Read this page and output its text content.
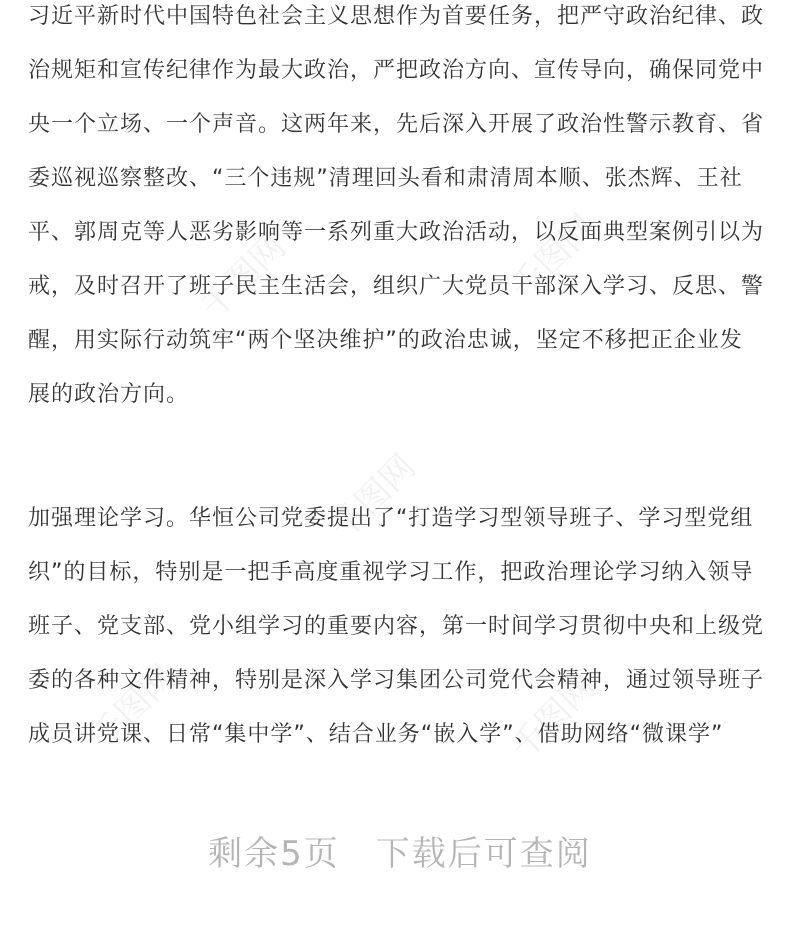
千图网	千图网
千图网
千图网	千图网

习近平新时代中国特色社会主义思想作为首要任务，把严守政治纪律、政
治规矩和宣传纪律作为最大政治，严把政治方向、宣传导向，确保同党中
央一个立场、一个声音。这两年来，先后深入开展了政治性警示教育、省
委巡视巡察整改、“三个违规”清理回头看和肃清周本顺、张杰辉、王社
平、郭周克等人恶劣影响等一系列重大政治活动，以反面典型案例引以为
戒，及时召开了班子民主生活会，组织广大党员干部深入学习、反思、警
醒，用实际行动筑牢“两个坚决维护”的政治忠诚，坚定不移把正企业发
展的政治方向。

加强理论学习。华恒公司党委提出了“打造学习型领导班子、学习型党组
织”的目标，特别是一把手高度重视学习工作，把政治理论学习纳入领导
班子、党支部、党小组学习的重要内容，第一时间学习贯彻中央和上级党
委的各种文件精神，特别是深入学习集团公司党代会精神，通过领导班子
成员讲党课、日常“集中学”、结合业务“嵌入学”、借助网络“微课学”

剩余5页　下载后可查阅
